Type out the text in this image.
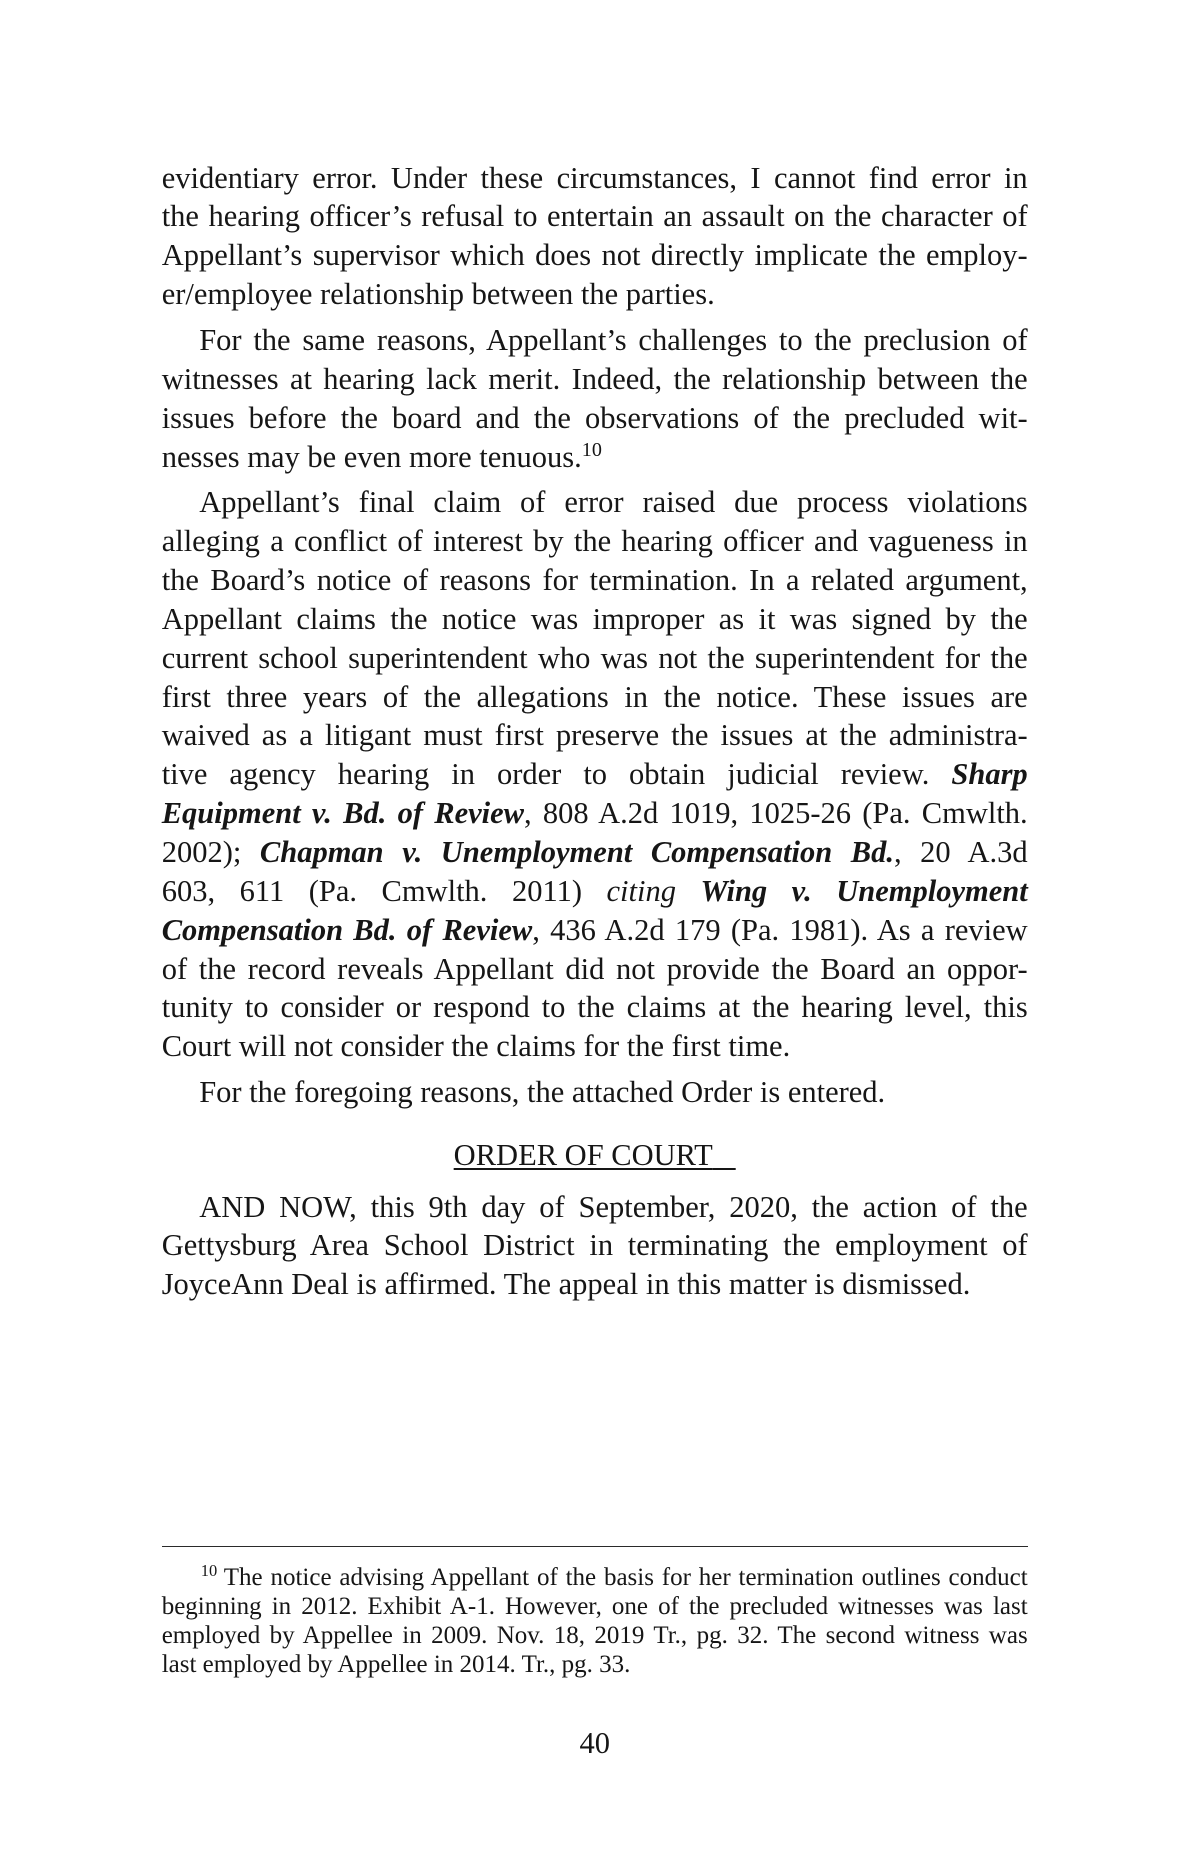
evidentiary error. Under these circumstances, I cannot find error in
the hearing officer’s refusal to entertain an assault on the character of
Appellant’s supervisor which does not directly implicate the employ-
er/employee relationship between the parties.
For the same reasons, Appellant’s challenges to the preclusion of
witnesses at hearing lack merit. Indeed, the relationship between the
issues before the board and the observations of the precluded wit-
nesses may be even more tenuous.$^{10}$
Appellant’s final claim of error raised due process violations
alleging a conflict of interest by the hearing officer and vagueness in
the Board’s notice of reasons for termination. In a related argument,
Appellant claims the notice was improper as it was signed by the
current school superintendent who was not the superintendent for the
first three years of the allegations in the notice. These issues are
waived as a litigant must first preserve the issues at the administra-
tive agency hearing in order to obtain judicial review. Sharp
Equipment v. Bd. of Review, 808 A.2d 1019, 1025-26 (Pa. Cmwlth.
2002); Chapman v. Unemployment Compensation Bd., 20 A.3d
603, 611 (Pa. Cmwlth. 2011) citing Wing v. Unemployment
Compensation Bd. of Review, 436 A.2d 179 (Pa. 1981). As a review
of the record reveals Appellant did not provide the Board an oppor-
tunity to consider or respond to the claims at the hearing level, this
Court will not consider the claims for the first time.
For the foregoing reasons, the attached Order is entered.
ORDER OF COURT
AND NOW, this 9th day of September, 2020, the action of the
Gettysburg Area School District in terminating the employment of
JoyceAnn Deal is affirmed. The appeal in this matter is dismissed.
$^{10}$ The notice advising Appellant of the basis for her termination outlines conduct
beginning in 2012. Exhibit A-1. However, one of the precluded witnesses was last
employed by Appellee in 2009. Nov. 18, 2019 Tr., pg. 32. The second witness was
last employed by Appellee in 2014. Tr., pg. 33.
40
